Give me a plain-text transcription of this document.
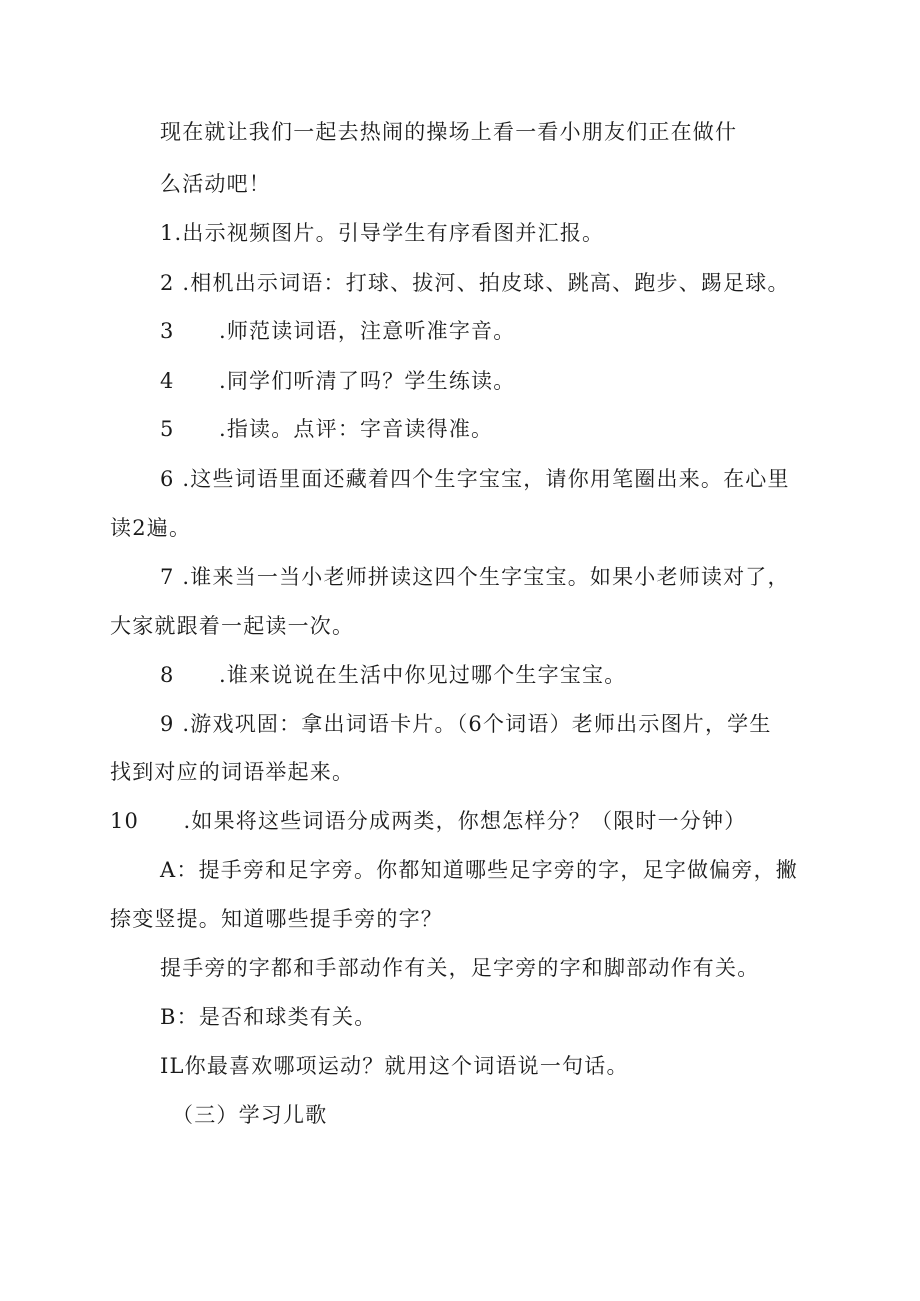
现在就让我们一起去热闹的操场上看一看小朋友们正在做什
么活动吧！
1.出示视频图片。引导学生有序看图并汇报。
2 .相机出示词语：打球、拔河、拍皮球、跳高、跑步、踢足球。
3　　.师范读词语，注意听准字音。
4　　.同学们听清了吗？学生练读。
5　　.指读。点评：字音读得准。
6 .这些词语里面还藏着四个生字宝宝，请你用笔圈出来。在心里
读2遍。
7 .谁来当一当小老师拼读这四个生字宝宝。如果小老师读对了，
大家就跟着一起读一次。
8　　.谁来说说在生活中你见过哪个生字宝宝。
9 .游戏巩固：拿出词语卡片。（6个词语）老师出示图片，学生
找到对应的词语举起来。
10　　.如果将这些词语分成两类，你想怎样分？（限时一分钟）
A：提手旁和足字旁。你都知道哪些足字旁的字，足字做偏旁，撇
捺变竖提。知道哪些提手旁的字？
提手旁的字都和手部动作有关，足字旁的字和脚部动作有关。
B：是否和球类有关。
IL你最喜欢哪项运动？就用这个词语说一句话。
（三）学习儿歌
